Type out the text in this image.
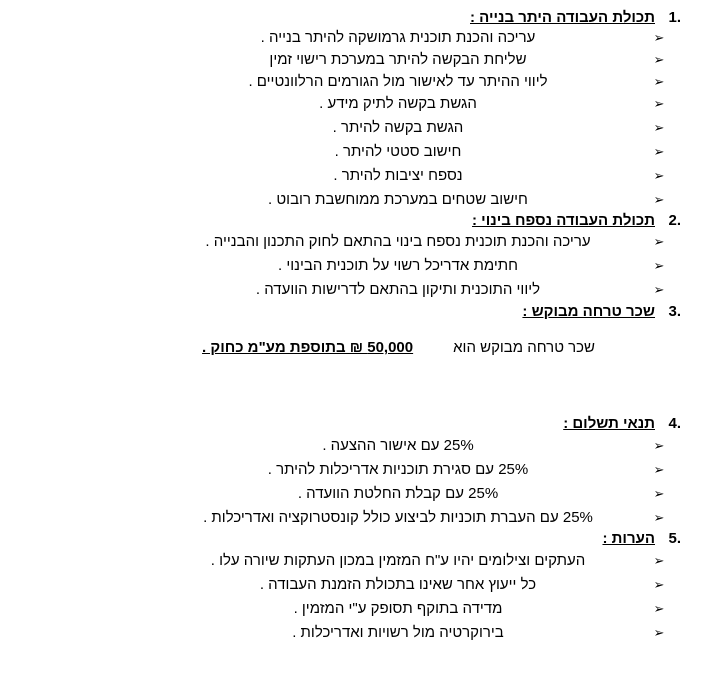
.1תכולת העבודה היתר בנייה :
➢
עריכה והכנת תוכנית גרמושקה להיתר בנייה .
➢
שליחת הבקשה להיתר במערכת רישוי זמין
➢
ליווי ההיתר עד לאישור מול הגורמים הרלוונטיים .
➢
הגשת בקשה לתיק מידע .
➢
הגשת בקשה להיתר .
➢
חישוב סטטי להיתר .
➢
נספח יציבות להיתר .
➢
חישוב שטחים במערכת ממוחשבת רובוט .
.2תכולת העבודה נספח בינוי :
➢
עריכה והכנת תוכנית נספח בינוי בהתאם לחוק התכנון והבנייה .
➢
חתימת אדריכל רשוי על תוכנית הבינוי .
➢
ליווי התוכנית ותיקון בהתאם לדרישות הוועדה .
.3שכר טרחה מבוקש :
שכר טרחה מבוקש הוא50,000 ₪ בתוספת מע"מ כחוק .
.4תנאי תשלום :
➢
25% עם אישור ההצעה .
➢
25% עם סגירת תוכניות אדריכלות להיתר .
➢
25% עם קבלת החלטת הוועדה .
➢
25% עם העברת תוכניות לביצוע כולל קונסטרוקציה ואדריכלות .
.5הערות :
➢
העתקים וצילומים יהיו ע"ח המזמין במכון העתקות שיורה עלו .
➢
כל ייעוץ אחר שאינו בתכולת הזמנת העבודה .
➢
מדידה בתוקף תסופק ע"י המזמין .
➢
בירוקרטיה מול רשויות ואדריכלות .
